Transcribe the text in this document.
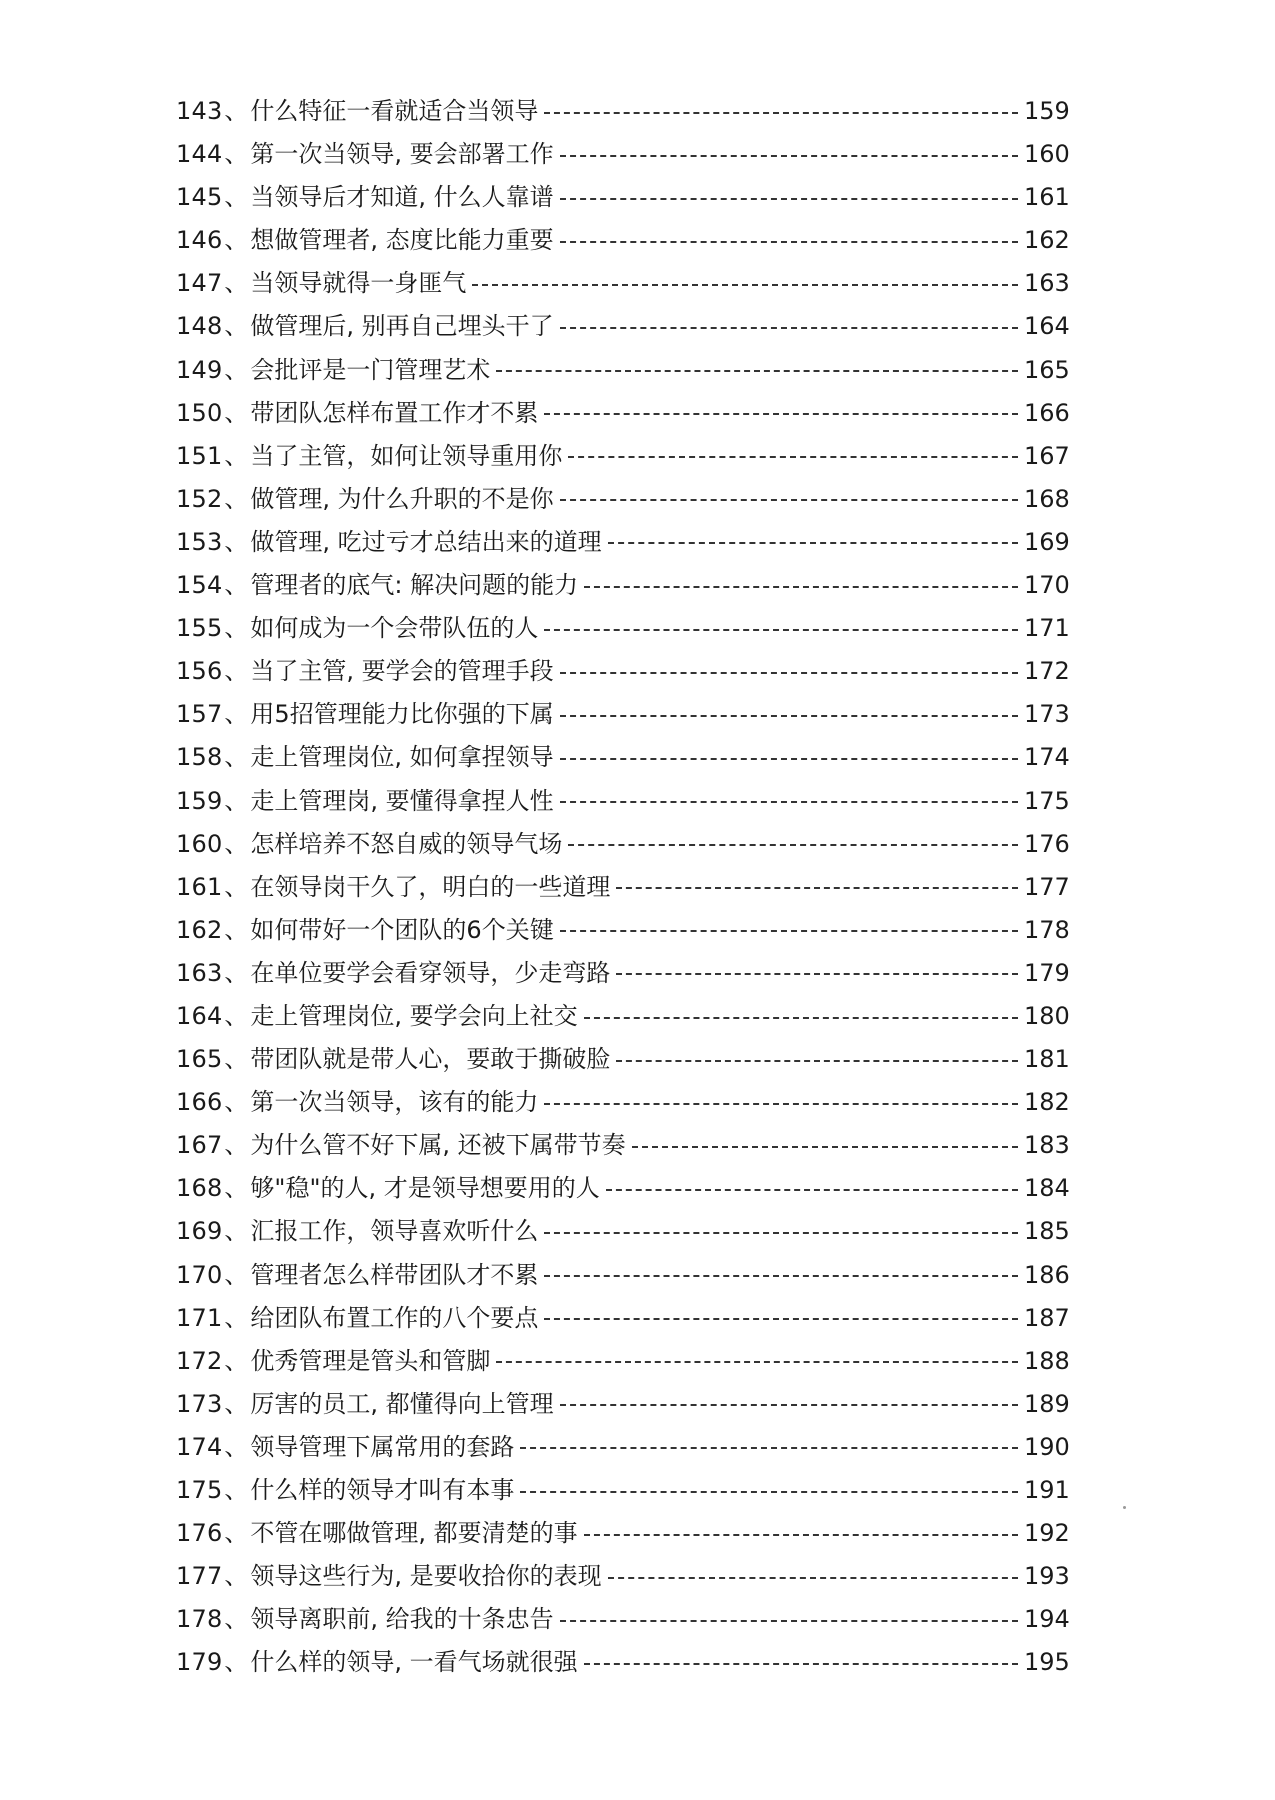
143 、 什么特征一看就适合当领导	159
144 、 第一次当领导, 要会部署工作	160
145 、 当领导后才知道, 什么人靠谱	161
146 、 想做管理者, 态度比能力重要	162
147 、 当领导就得一身匪气	163
148 、 做管理后, 别再自己埋头干了	164
149 、 会批评是一门管理艺术	165
150 、 带团队怎样布置工作才不累	166
151 、 当了主管，如何让领导重用你	167
152 、 做管理, 为什么升职的不是你	168
153 、 做管理, 吃过亏才总结出来的道理	169
154 、 管理者的底气: 解决问题的能力	170
155 、 如何成为一个会带队伍的人	171
156 、 当了主管, 要学会的管理手段	172
157 、 用5招管理能力比你强的下属	173
158 、 走上管理岗位, 如何拿捏领导	174
159 、 走上管理岗, 要懂得拿捏人性	175
160 、 怎样培养不怒自威的领导气场	176
161 、 在领导岗干久了，明白的一些道理	177
162 、 如何带好一个团队的6个关键	178
163 、 在单位要学会看穿领导，少走弯路	179
164 、 走上管理岗位, 要学会向上社交	180
165 、 带团队就是带人心，要敢于撕破脸	181
166 、 第一次当领导，该有的能力	182
167 、 为什么管不好下属, 还被下属带节奏	183
168 、 够"稳"的人, 才是领导想要用的人	184
169 、 汇报工作，领导喜欢听什么	185
170 、 管理者怎么样带团队才不累	186
171 、 给团队布置工作的八个要点	187
172 、 优秀管理是管头和管脚	188
173 、 厉害的员工, 都懂得向上管理	189
174 、 领导管理下属常用的套路	190
175 、 什么样的领导才叫有本事	191
176 、 不管在哪做管理, 都要清楚的事	192
177 、 领导这些行为, 是要收拾你的表现	193
178 、 领导离职前, 给我的十条忠告	194
179 、 什么样的领导, 一看气场就很强	195
